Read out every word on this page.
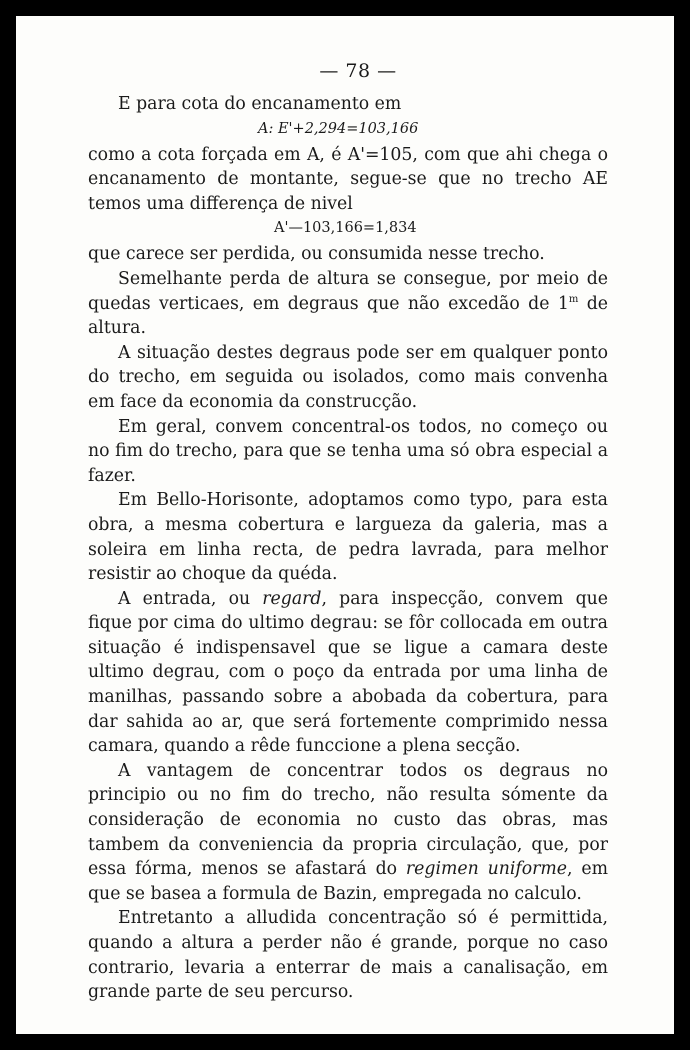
— 78 —

E para cota do encanamento em

A: E'+2,294=103,166

como a cota forçada em A, é A'=105, com que ahi chega o encanamento de montante, segue-se que no trecho AE temos uma differença de nivel

A'—103,166=1,834

que carece ser perdida, ou consumida nesse trecho.

Semelhante perda de altura se consegue, por meio de quedas verticaes, em degraus que não excedão de 1$^m$ de altura.

A situação destes degraus pode ser em qualquer ponto do trecho, em seguida ou isolados, como mais convenha em face da economia da construcção.

Em geral, convem concentral-os todos, no começo ou no fim do trecho, para que se tenha uma só obra especial a fazer.

Em Bello-Horisonte, adoptamos como typo, para esta obra, a mesma cobertura e largueza da galeria, mas a soleira em linha recta, de pedra lavrada, para melhor resistir ao choque da quéda.

A entrada, ou regard, para inspecção, convem que fique por cima do ultimo degrau: se fôr collocada em outra situação é indispensavel que se ligue a camara deste ultimo degrau, com o poço da entrada por uma linha de manilhas, passando sobre a abobada da cobertura, para dar sahida ao ar, que será fortemente comprimido nessa camara, quando a rêde funccione a plena secção.

A vantagem de concentrar todos os degraus no principio ou no fim do trecho, não resulta sómente da consideração de economia no custo das obras, mas tambem da conveniencia da propria circulação, que, por essa fórma, menos se afastará do regimen uniforme, em que se basea a formula de Bazin, empregada no calculo.

Entretanto a alludida concentração só é permittida, quando a altura a perder não é grande, porque no caso contrario, levaria a enterrar de mais a canalisação, em grande parte de seu percurso.
